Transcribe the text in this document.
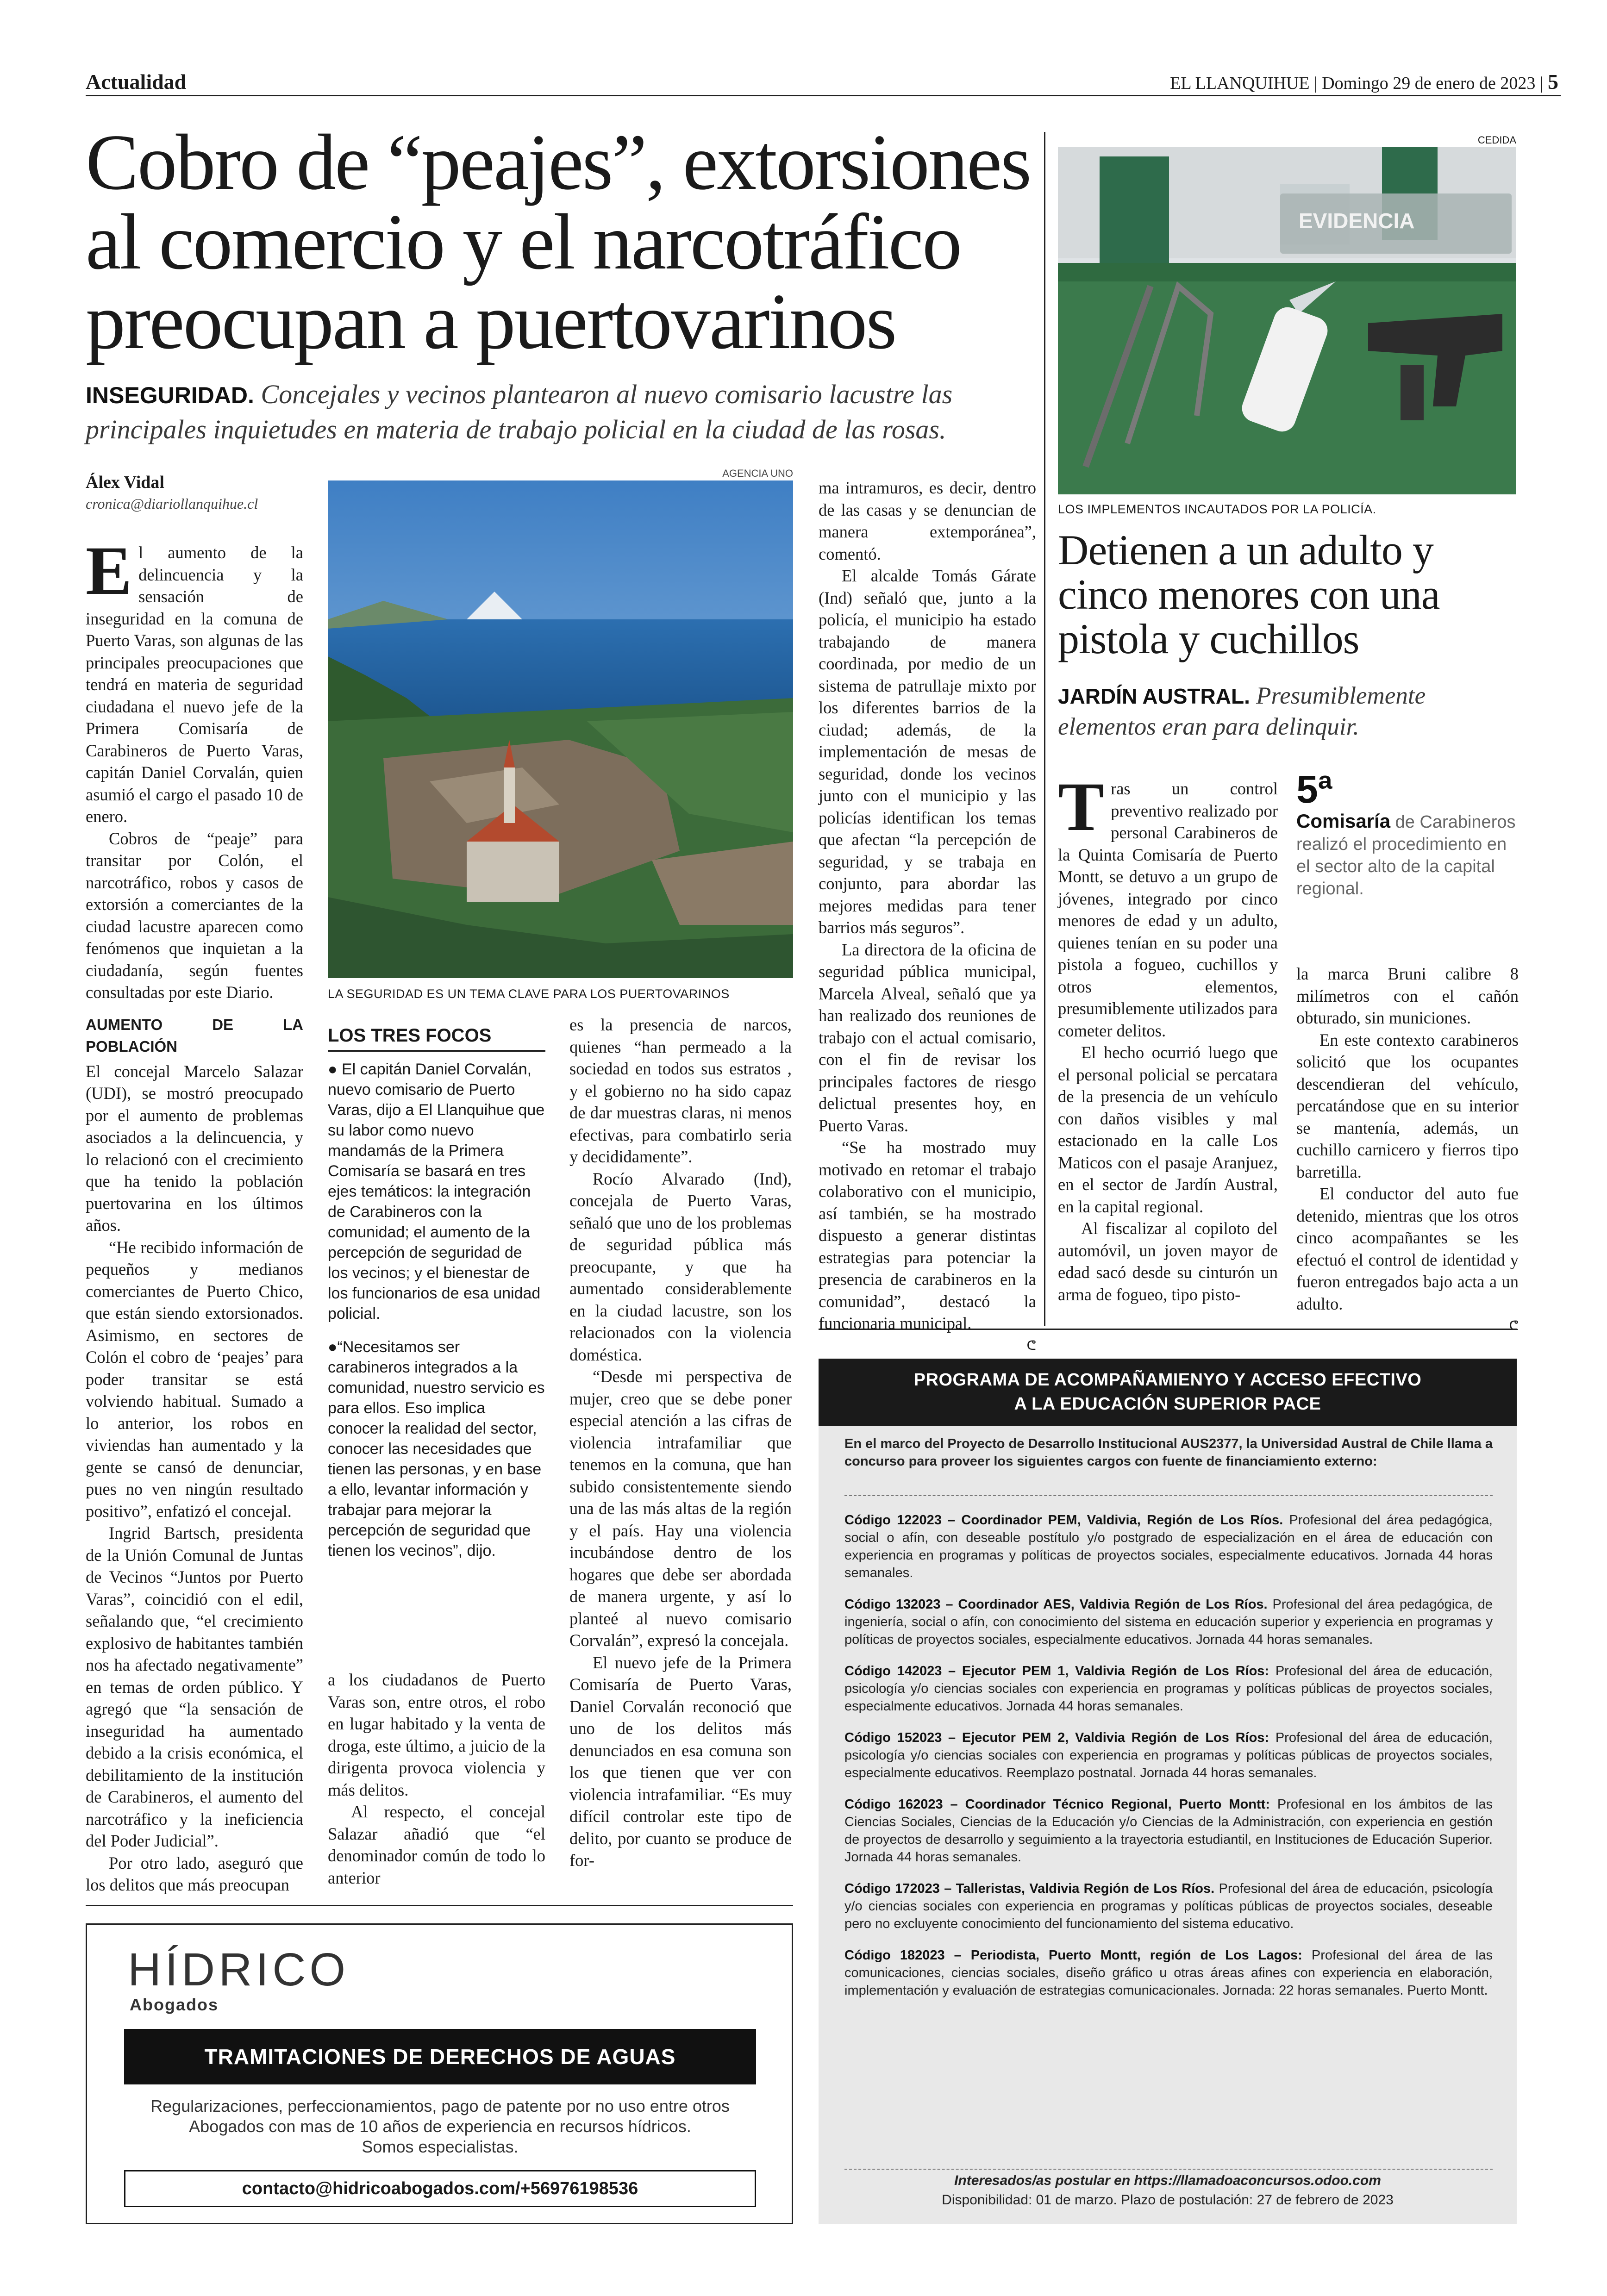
Actualidad	EL LLANQUIHUE | Domingo 29 de enero de 2023 | 5
Cobro de “peajes”, extorsiones al comercio y el narcotráfico preocupan a puertovarinos
INSEGURIDAD. Concejales y vecinos plantearon al nuevo comisario lacustre las principales inquietudes en materia de trabajo policial en la ciudad de las rosas.
Álex Vidal
cronica@diariollanquihue.cl
E l aumento de la delincuencia y la sensación de inseguridad en la comuna de Puerto Varas, son algunas de las principales preocupaciones que tendrá en materia de seguridad ciudadana el nuevo jefe de la Primera Comisaría de Carabineros de Puerto Varas, capitán Daniel Corvalán, quien asumió el cargo el pasado 10 de enero.

Cobros de “peaje” para transitar por Colón, el narcotráfico, robos y casos de extorsión a comerciantes de la ciudad lacustre aparecen como fenómenos que inquietan a la ciudadanía, según fuentes consultadas por este Diario.

AUMENTO DE LA POBLACIÓN

El concejal Marcelo Salazar (UDI), se mostró preocupado por el aumento de problemas asociados a la delincuencia, y lo relacionó con el crecimiento que ha tenido la población puertovarina en los últimos años.

“He recibido información de pequeños y medianos comerciantes de Puerto Chico, que están siendo extorsionados. Asimismo, en sectores de Colón el cobro de ‘peajes’ para poder transitar se está volviendo habitual. Sumado a lo anterior, los robos en viviendas han aumentado y la gente se cansó de denunciar, pues no ven ningún resultado positivo”, enfatizó el concejal.

Ingrid Bartsch, presidenta de la Unión Comunal de Juntas de Vecinos “Juntos por Puerto Varas”, coincidió con el edil, señalando que, “el crecimiento explosivo de habitantes también nos ha afectado negativamente” en temas de orden público. Y agregó que “la sensación de inseguridad ha aumentado debido a la crisis económica, el debilitamiento de la institución de Carabineros, el aumento del narcotráfico y la ineficiencia del Poder Judicial”.

Por otro lado, aseguró que los delitos que más preocupan

AGENCIA UNO
LA SEGURIDAD ES UN TEMA CLAVE PARA LOS PUERTOVARINOS
LOS TRES FOCOS

● El capitán Daniel Corvalán, nuevo comisario de Puerto Varas, dijo a El Llanquihue que su labor como nuevo mandamás de la Primera Comisaría se basará en tres ejes temáticos: la integración de Carabineros con la comunidad; el aumento de la percepción de seguridad de los vecinos; y el bienestar de los funcionarios de esa unidad policial.

●“Necesitamos ser carabineros integrados a la comunidad, nuestro servicio es para ellos. Eso implica conocer la realidad del sector, conocer las necesidades que tienen las personas, y en base a ello, levantar información y trabajar para mejorar la percepción de seguridad que tienen los vecinos”, dijo.

a los ciudadanos de Puerto Varas son, entre otros, el robo en lugar habitado y la venta de droga, este último, a juicio de la dirigenta provoca violencia y más delitos.

Al respecto, el concejal Salazar añadió que “el denominador común de todo lo anterior

es la presencia de narcos, quienes “han permeado a la sociedad en todos sus estratos , y el gobierno no ha sido capaz de dar muestras claras, ni menos efectivas, para combatirlo seria y decididamente”.

Rocío Alvarado (Ind), concejala de Puerto Varas, señaló que uno de los problemas de seguridad pública más preocupante, y que ha aumentado considerablemente en la ciudad lacustre, son los relacionados con la violencia doméstica.

“Desde mi perspectiva de mujer, creo que se debe poner especial atención a las cifras de violencia intrafamiliar que tenemos en la comuna, que han subido consistentemente siendo una de las más altas de la región y el país. Hay una violencia incubándose dentro de los hogares que debe ser abordada de manera urgente, y así lo planteé al nuevo comisario Corvalán”, expresó la concejala.

El nuevo jefe de la Primera Comisaría de Puerto Varas, Daniel Corvalán reconoció que uno de los delitos más denunciados en esa comuna son los que tienen que ver con violencia intrafamiliar. “Es muy difícil controlar este tipo de delito, por cuanto se produce de for-

ma intramuros, es decir, dentro de las casas y se denuncian de manera extemporánea”, comentó.

El alcalde Tomás Gárate (Ind) señaló que, junto a la policía, el municipio ha estado trabajando de manera coordinada, por medio de un sistema de patrullaje mixto por los diferentes barrios de la ciudad; además, de la implementación de mesas de seguridad, donde los vecinos junto con el municipio y las policías identifican los temas que afectan “la percepción de seguridad, y se trabaja en conjunto, para abordar las mejores medidas para tener barrios más seguros”.

La directora de la oficina de seguridad pública municipal, Marcela Alveal, señaló que ya han realizado dos reuniones de trabajo con el actual comisario, con el fin de revisar los principales factores de riesgo delictual presentes hoy, en Puerto Varas.

“Se ha mostrado muy motivado en retomar el trabajo colaborativo con el municipio, así también, se ha mostrado dispuesto a generar distintas estrategias para potenciar la presencia de carabineros en la comunidad”, destacó la funcionaria municipal.

ᕦ
CEDIDA
EVIDENCIA
LOS IMPLEMENTOS INCAUTADOS POR LA POLICÍA.
Detienen a un adulto y cinco menores con una pistola y cuchillos
JARDÍN AUSTRAL. Presumiblemente elementos eran para delinquir.
T ras un control preventivo realizado por personal Carabineros de la Quinta Comisaría de Puerto Montt, se detuvo a un grupo de jóvenes, integrado por cinco menores de edad y un adulto, quienes tenían en su poder una pistola a fogueo, cuchillos y otros elementos, presumiblemente utilizados para cometer delitos.

El hecho ocurrió luego que el personal policial se percatara de la presencia de un vehículo con daños visibles y mal estacionado en la calle Los Maticos con el pasaje Aranjuez, en el sector de Jardín Austral, en la capital regional.

Al fiscalizar al copiloto del automóvil, un joven mayor de edad sacó desde su cinturón un arma de fogueo, tipo pisto-

5ª
Comisaría de Carabineros realizó el procedimiento en el sector alto de la capital regional.

la marca Bruni calibre 8 milímetros con el cañón obturado, sin municiones.

En este contexto carabineros solicitó que los ocupantes descendieran del vehículo, percatándose que en su interior se mantenía, además, un cuchillo carnicero y fierros tipo barretilla.

El conductor del auto fue detenido, mientras que los otros cinco acompañantes se les efectuó el control de identidad y fueron entregados bajo acta a un adulto.

ᕦ
HÍDRICO
Abogados
TRAMITACIONES DE DERECHOS DE AGUAS
Regularizaciones, perfeccionamientos, pago de patente por no uso entre otros
Abogados con mas de 10 años de experiencia en recursos hídricos.
Somos especialistas.
contacto@hidricoabogados.com/+56976198536
PROGRAMA DE ACOMPAÑAMIENYO Y ACCESO EFECTIVO
A LA EDUCACIÓN SUPERIOR PACE
En el marco del Proyecto de Desarrollo Institucional AUS2377, la Universidad Austral de Chile llama a concurso para proveer los siguientes cargos con fuente de financiamiento externo:
Código 122023 – Coordinador PEM, Valdivia, Región de Los Ríos. Profesional del área pedagógica, social o afín, con deseable postítulo y/o postgrado de especialización en el área de educación con experiencia en programas y políticas de proyectos sociales, especialmente educativos. Jornada 44 horas semanales.
Código 132023 – Coordinador AES, Valdivia Región de Los Ríos. Profesional del área pedagógica, de ingeniería, social o afín, con conocimiento del sistema en educación superior y experiencia en programas y políticas de proyectos sociales, especialmente educativos. Jornada 44 horas semanales.
Código 142023 – Ejecutor PEM 1, Valdivia Región de Los Ríos: Profesional del área de educación, psicología y/o ciencias sociales con experiencia en programas y políticas públicas de proyectos sociales, especialmente educativos. Jornada 44 horas semanales.
Código 152023 – Ejecutor PEM 2, Valdivia Región de Los Ríos: Profesional del área de educación, psicología y/o ciencias sociales con experiencia en programas y políticas públicas de proyectos sociales, especialmente educativos. Reemplazo postnatal. Jornada 44 horas semanales.
Código 162023 – Coordinador Técnico Regional, Puerto Montt: Profesional en los ámbitos de las Ciencias Sociales, Ciencias de la Educación y/o Ciencias de la Administración, con experiencia en gestión de proyectos de desarrollo y seguimiento a la trayectoria estudiantil, en Instituciones de Educación Superior. Jornada 44 horas semanales.
Código 172023 – Talleristas, Valdivia Región de Los Ríos. Profesional del área de educación, psicología y/o ciencias sociales con experiencia en programas y políticas públicas de proyectos sociales, deseable pero no excluyente conocimiento del funcionamiento del sistema educativo.
Código 182023 – Periodista, Puerto Montt, región de Los Lagos: Profesional del área de las comunicaciones, ciencias sociales, diseño gráfico u otras áreas afines con experiencia en elaboración, implementación y evaluación de estrategias comunicacionales. Jornada: 22 horas semanales. Puerto Montt.
Interesados/as postular en https://llamadoaconcursos.odoo.com
Disponibilidad: 01 de marzo. Plazo de postulación: 27 de febrero de 2023
